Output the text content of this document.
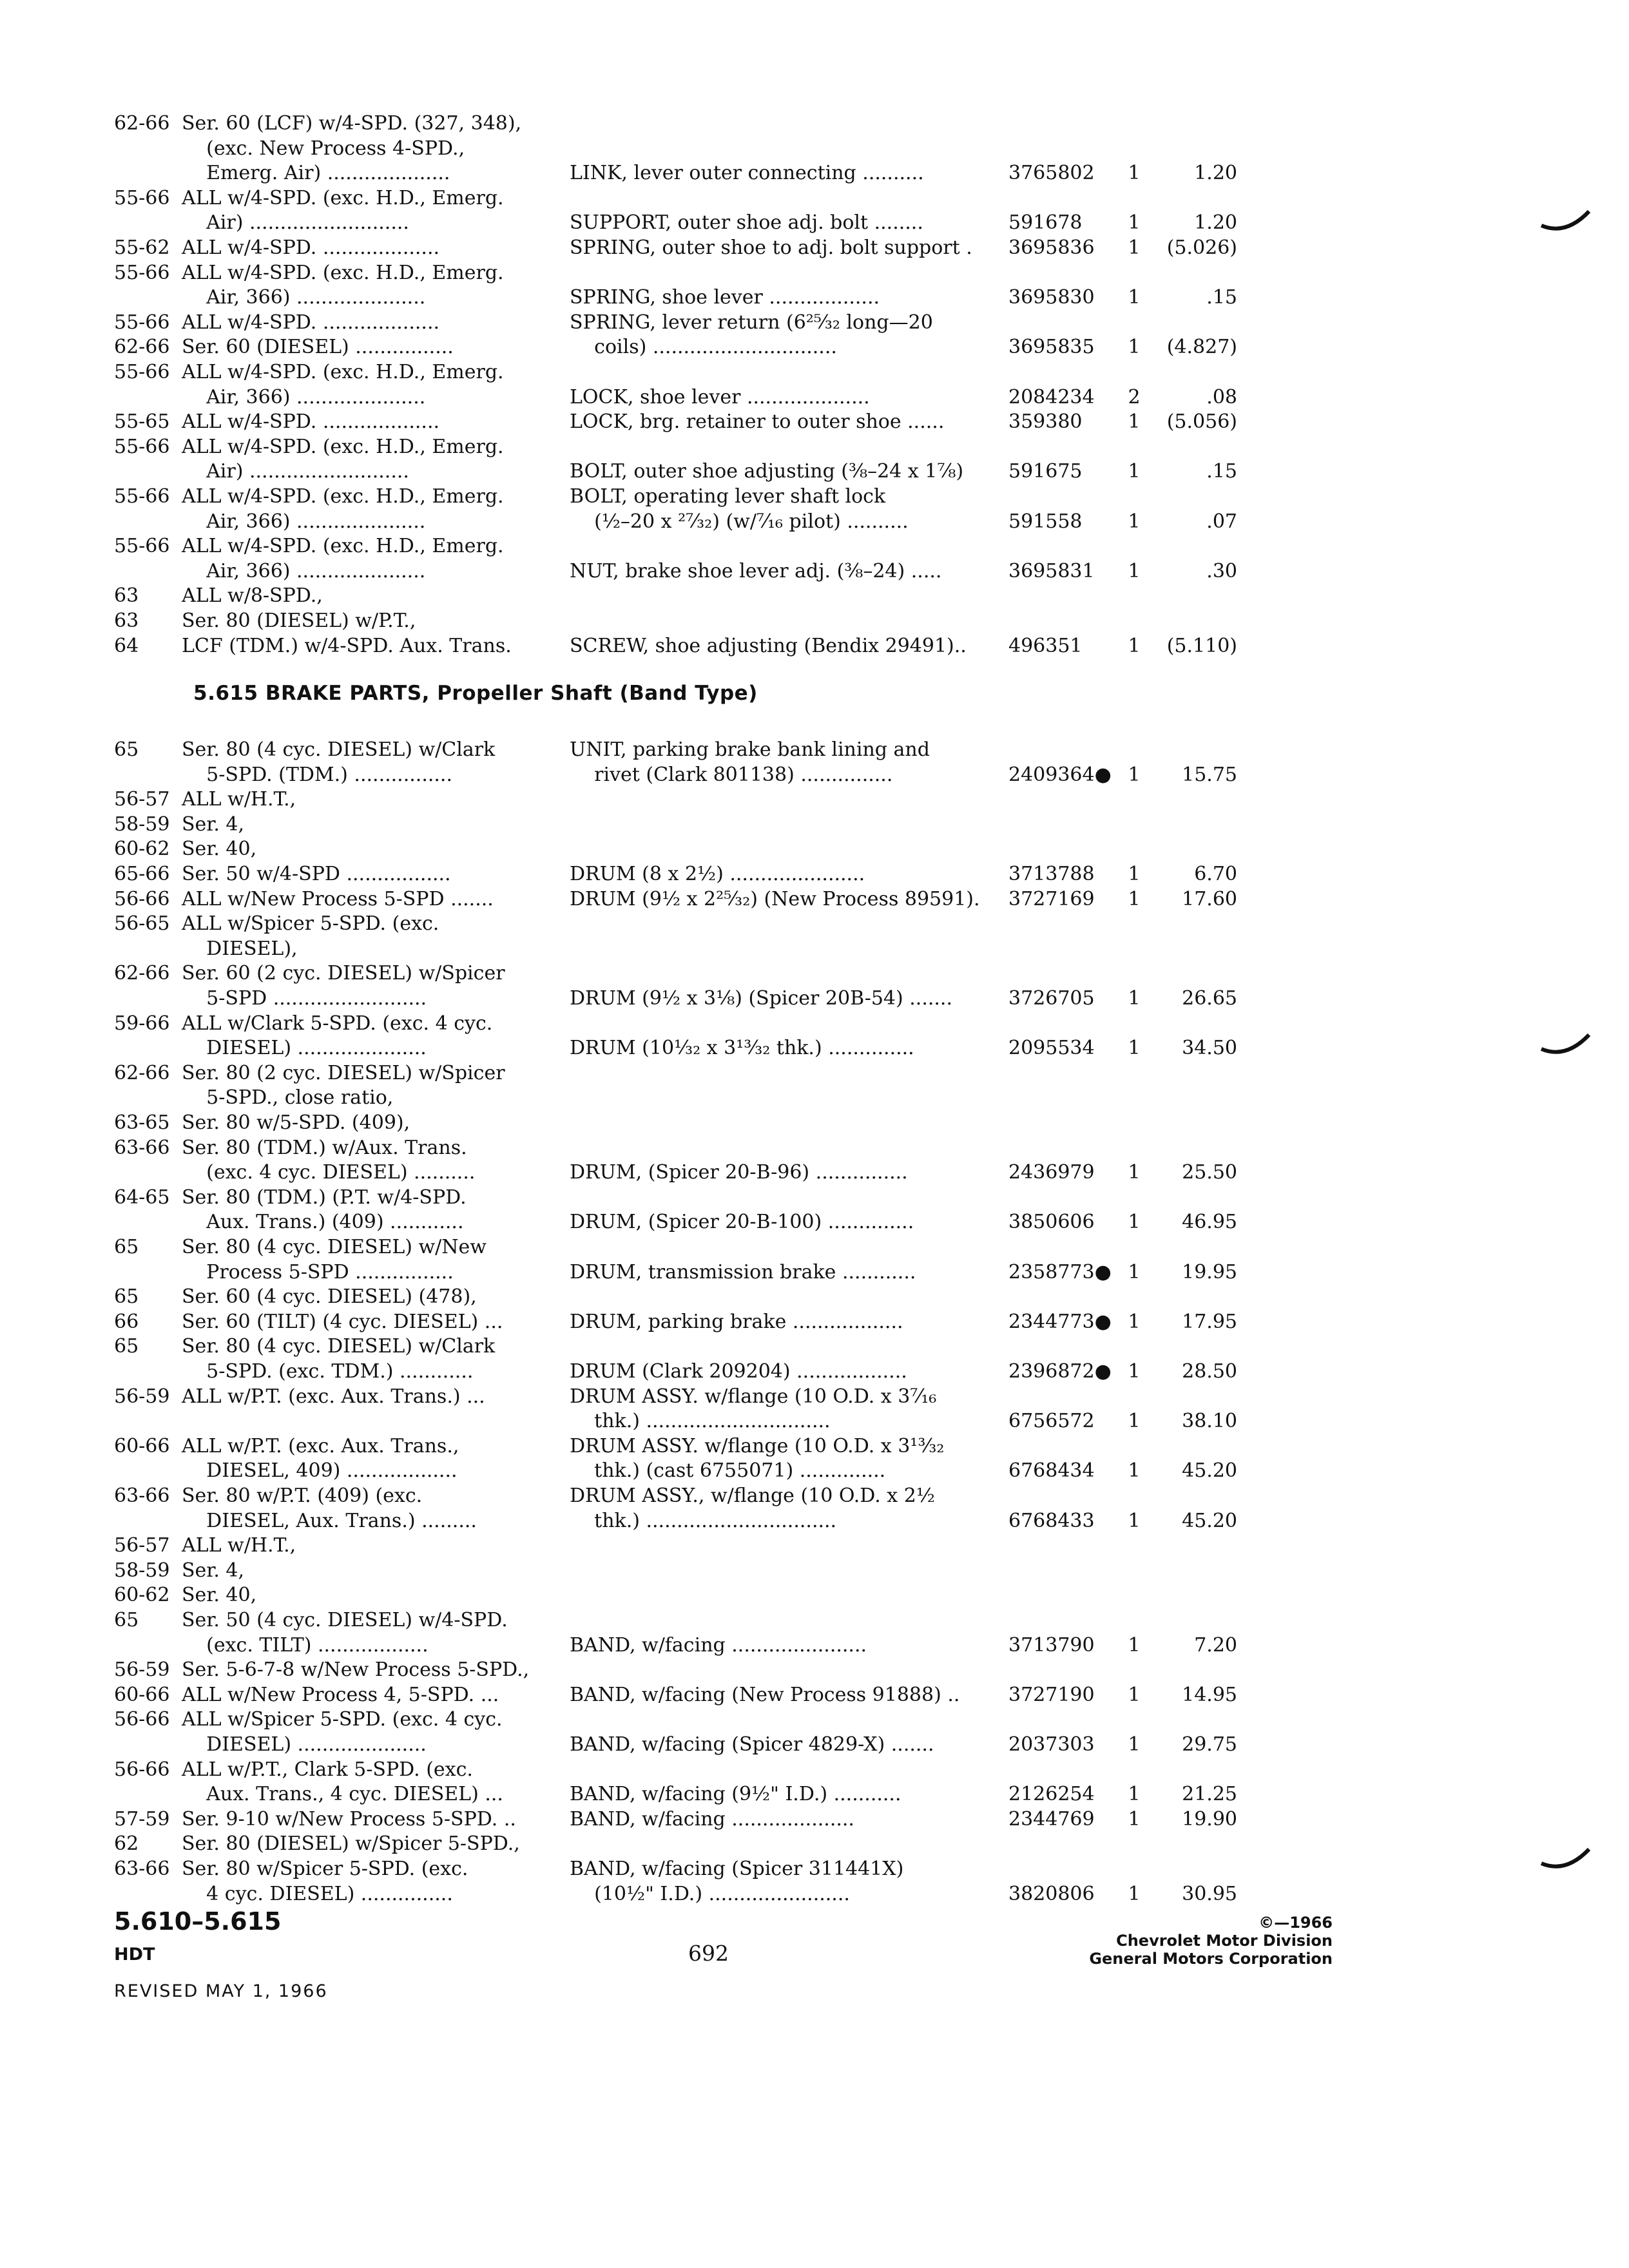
62-66 Ser. 60 (LCF) w/4-SPD. (327, 348),
(exc. New Process 4-SPD.,
Emerg. Air) ....................	LINK, lever outer connecting ..........	3765802 1	1.20
55-66 ALL w/4-SPD. (exc. H.D., Emerg.
Air) ..........................	SUPPORT, outer shoe adj. bolt ........	591678 1	1.20
55-62 ALL w/4-SPD. ...................	SPRING, outer shoe to adj. bolt support . 3695836 1	(5.026)
55-66 ALL w/4-SPD. (exc. H.D., Emerg.
Air, 366) .....................	SPRING, shoe lever ..................	3695830 1	.15
55-66 ALL w/4-SPD. ...................	SPRING, lever return (6²⁵⁄₃₂ long—20
62-66 Ser. 60 (DIESEL) ................	coils) ..............................	3695835 1	(4.827)
55-66 ALL w/4-SPD. (exc. H.D., Emerg.
Air, 366) .....................	LOCK, shoe lever ....................	2084234 2	.08
55-65 ALL w/4-SPD. ...................	LOCK, brg. retainer to outer shoe ......	359380 1	(5.056)
55-66 ALL w/4-SPD. (exc. H.D., Emerg.
Air) ..........................	BOLT, outer shoe adjusting (⅜–24 x 1⅞) 591675 1	.15
55-66 ALL w/4-SPD. (exc. H.D., Emerg.	BOLT, operating lever shaft lock
Air, 366) .....................	(½–20 x ²⁷⁄₃₂) (w/⁷⁄₁₆ pilot) ..........	591558 1	.07
55-66 ALL w/4-SPD. (exc. H.D., Emerg.
Air, 366) .....................	NUT, brake shoe lever adj. (⅜–24) .....	3695831 1	.30
63 ALL w/8-SPD.,
63 Ser. 80 (DIESEL) w/P.T.,
64 LCF (TDM.) w/4-SPD. Aux. Trans.	SCREW, shoe adjusting (Bendix 29491).. 496351 1	(5.110)
5.615 BRAKE PARTS, Propeller Shaft (Band Type)
65 Ser. 80 (4 cyc. DIESEL) w/Clark	UNIT, parking brake bank lining and
5-SPD. (TDM.) ................	rivet (Clark 801138) ...............	2409364● 1	15.75
56-57 ALL w/H.T.,
58-59 Ser. 4,
60-62 Ser. 40,
65-66 Ser. 50 w/4-SPD .................	DRUM (8 x 2½) ......................	3713788 1	6.70
56-66 ALL w/New Process 5-SPD .......	DRUM (9½ x 2²⁵⁄₃₂) (New Process 89591). 3727169 1	17.60
56-65 ALL w/Spicer 5-SPD. (exc.
DIESEL),
62-66 Ser. 60 (2 cyc. DIESEL) w/Spicer
5-SPD .........................	DRUM (9½ x 3⅛) (Spicer 20B-54) .......	3726705 1	26.65
59-66 ALL w/Clark 5-SPD. (exc. 4 cyc.
DIESEL) .....................	DRUM (10¹⁄₃₂ x 3¹³⁄₃₂ thk.) ..............	2095534 1	34.50
62-66 Ser. 80 (2 cyc. DIESEL) w/Spicer
5-SPD., close ratio,
63-65 Ser. 80 w/5-SPD. (409),
63-66 Ser. 80 (TDM.) w/Aux. Trans.
(exc. 4 cyc. DIESEL) ..........	DRUM, (Spicer 20-B-96) ...............	2436979 1	25.50
64-65 Ser. 80 (TDM.) (P.T. w/4-SPD.
Aux. Trans.) (409) ............	DRUM, (Spicer 20-B-100) ..............	3850606 1	46.95
65 Ser. 80 (4 cyc. DIESEL) w/New
Process 5-SPD ................	DRUM, transmission brake ............	2358773● 1	19.95
65 Ser. 60 (4 cyc. DIESEL) (478),
66 Ser. 60 (TILT) (4 cyc. DIESEL) ...	DRUM, parking brake ..................	2344773● 1	17.95
65 Ser. 80 (4 cyc. DIESEL) w/Clark
5-SPD. (exc. TDM.) ............	DRUM (Clark 209204) ..................	2396872● 1	28.50
56-59 ALL w/P.T. (exc. Aux. Trans.) ...	DRUM ASSY. w/flange (10 O.D. x 3⁷⁄₁₆
thk.) ..............................	6756572 1	38.10
60-66 ALL w/P.T. (exc. Aux. Trans.,	DRUM ASSY. w/flange (10 O.D. x 3¹³⁄₃₂
DIESEL, 409) ..................	thk.) (cast 6755071) ..............	6768434 1	45.20
63-66 Ser. 80 w/P.T. (409) (exc.	DRUM ASSY., w/flange (10 O.D. x 2½
DIESEL, Aux. Trans.) .........	thk.) ...............................	6768433 1	45.20
56-57 ALL w/H.T.,
58-59 Ser. 4,
60-62 Ser. 40,
65 Ser. 50 (4 cyc. DIESEL) w/4-SPD.
(exc. TILT) ..................	BAND, w/facing ......................	3713790 1	7.20
56-59 Ser. 5-6-7-8 w/New Process 5-SPD.,
60-66 ALL w/New Process 4, 5-SPD. ...	BAND, w/facing (New Process 91888) ..	3727190 1	14.95
56-66 ALL w/Spicer 5-SPD. (exc. 4 cyc.
DIESEL) .....................	BAND, w/facing (Spicer 4829-X) .......	2037303 1	29.75
56-66 ALL w/P.T., Clark 5-SPD. (exc.
Aux. Trans., 4 cyc. DIESEL) ...	BAND, w/facing (9½" I.D.) ...........	2126254 1	21.25
57-59 Ser. 9-10 w/New Process 5-SPD. ..	BAND, w/facing ....................	2344769 1	19.90
62 Ser. 80 (DIESEL) w/Spicer 5-SPD.,
63-66 Ser. 80 w/Spicer 5-SPD. (exc.	BAND, w/facing (Spicer 311441X)
4 cyc. DIESEL) ...............	(10½" I.D.) .......................	3820806 1	30.95
5.610–5.615
HDT
REVISED MAY 1, 1966
692
©—1966
Chevrolet Motor Division
General Motors Corporation
